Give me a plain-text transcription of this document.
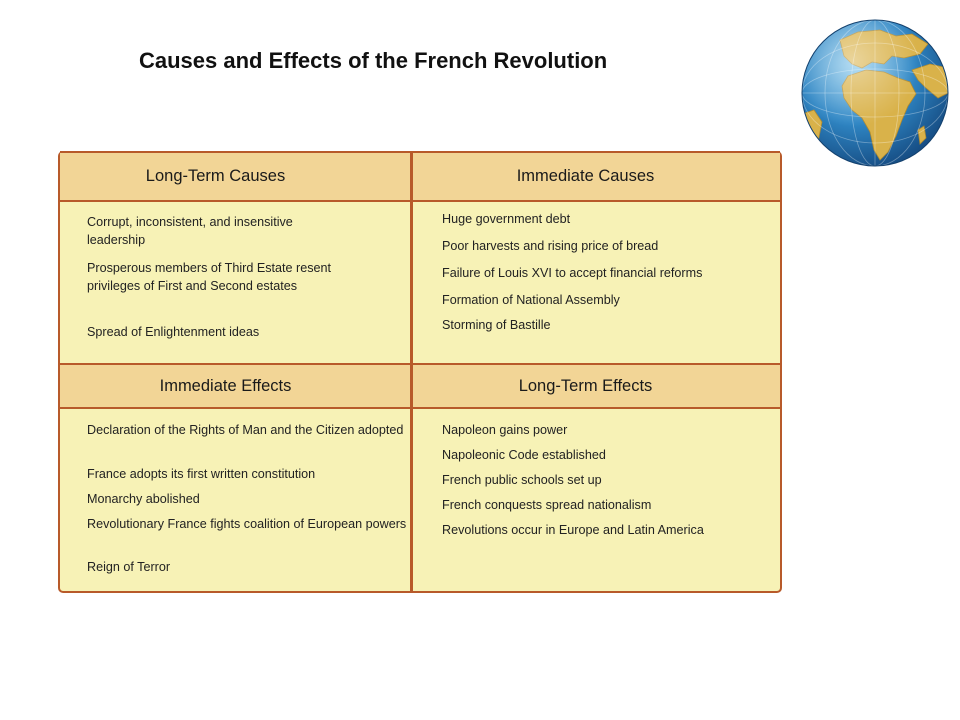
Causes and Effects of the French Revolution
Long-Term Causes	Immediate Causes
Immediate Effects	Long-Term Effects
Corrupt, inconsistent, and insensitive leadership
Prosperous members of Third Estate resent privileges of First and Second estates
Spread of Enlightenment ideas
Huge government debt
Poor harvests and rising price of bread
Failure of Louis XVI to accept financial reforms
Formation of National Assembly
Storming of Bastille
Declaration of the Rights of Man and the Citizen adopted
France adopts its first written constitution
Monarchy abolished
Revolutionary France fights coalition of European powers
Reign of Terror
Napoleon gains power
Napoleonic Code established
French public schools set up
French conquests spread nationalism
Revolutions occur in Europe and Latin America
